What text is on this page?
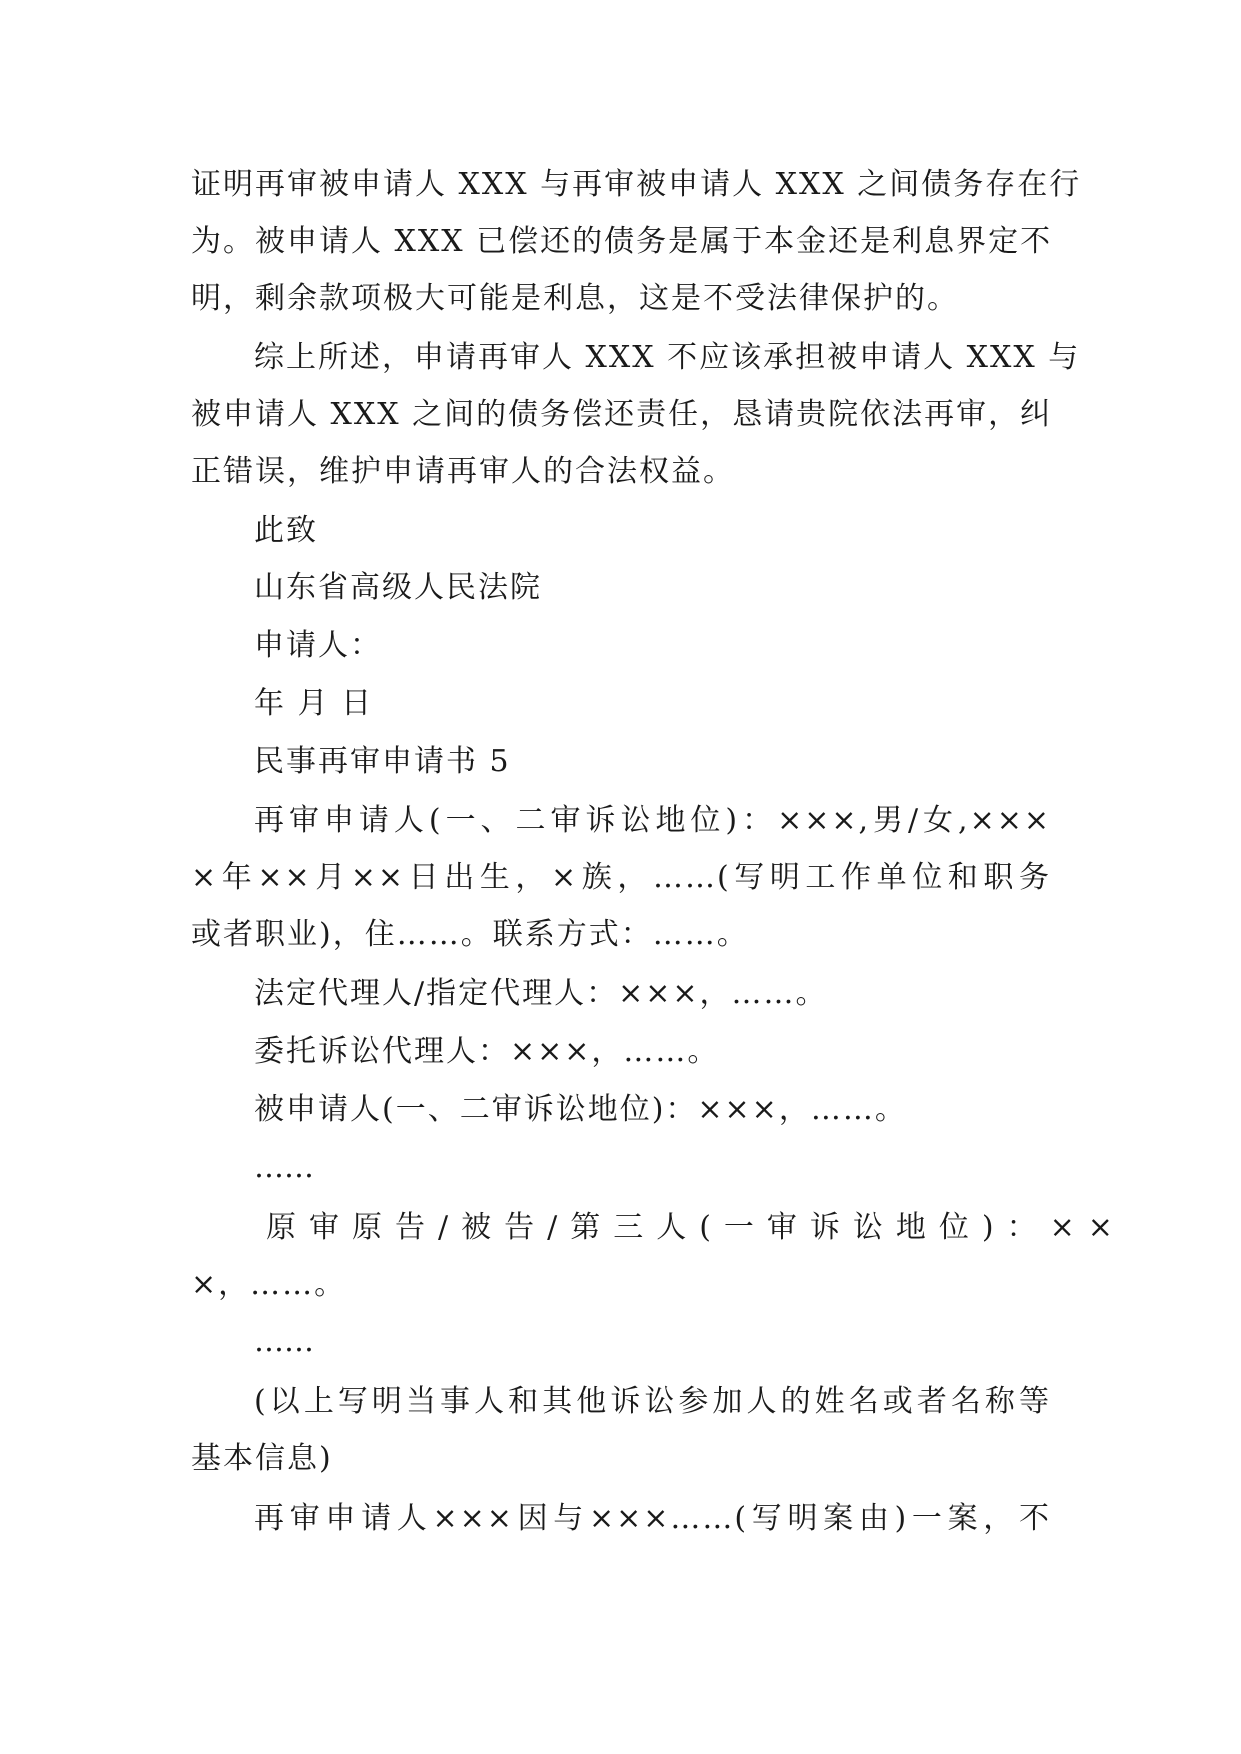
证明再审被申请人 XXX 与再审被申请人 XXX 之间债务存在行
为。被申请人 XXX 已偿还的债务是属于本金还是利息界定不
明，剩余款项极大可能是利息，这是不受法律保护的。
综上所述，申请再审人 XXX 不应该承担被申请人 XXX 与
被申请人 XXX 之间的债务偿还责任，恳请贵院依法再审，纠
正错误，维护申请再审人的合法权益。
此致
山东省高级人民法院
申请人：
年 月 日
民事再审申请书 5
再审申请人(一、二审诉讼地位)：×××,男/女,×××
×年××月××日出生，×族，……(写明工作单位和职务
或者职业)，住……。联系方式：……。
法定代理人/指定代理人：×××，……。
委托诉讼代理人：×××，……。
被申请人(一、二审诉讼地位)：×××，……。
……
原审原告/被告/第三人(一审诉讼地位)：××
×，……。
……
(以上写明当事人和其他诉讼参加人的姓名或者名称等
基本信息)
再审申请人×××因与×××……(写明案由)一案，不
